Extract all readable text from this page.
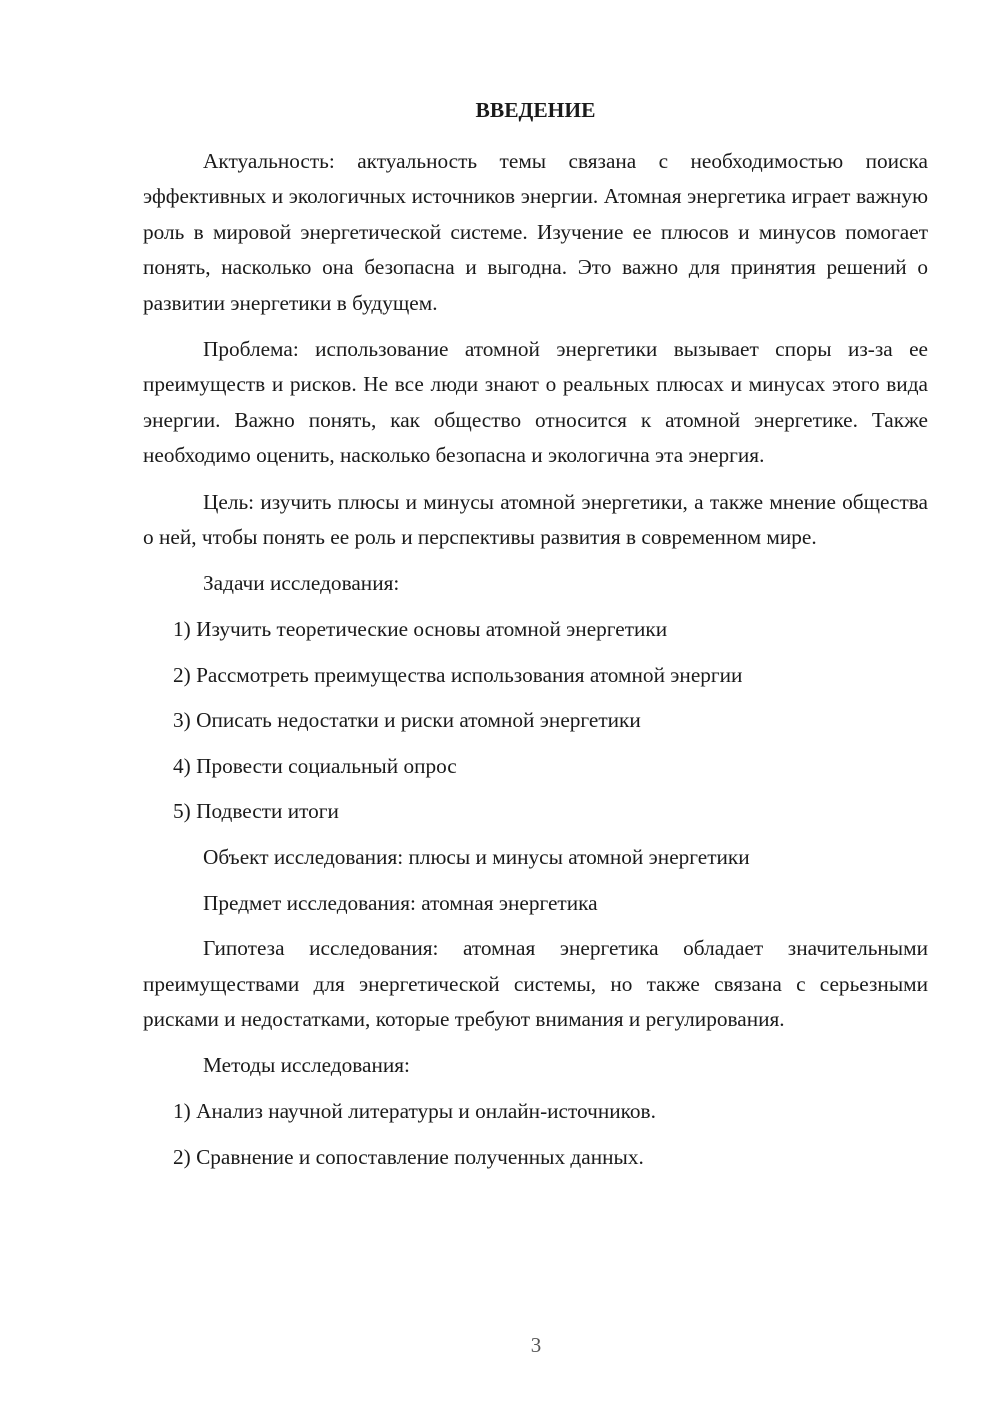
ВВЕДЕНИЕ

Актуальность: актуальность темы связана с необходимостью поиска эффективных и экологичных источников энергии. Атомная энергетика играет важную роль в мировой энергетической системе. Изучение ее плюсов и минусов помогает понять, насколько она безопасна и выгодна. Это важно для принятия решений о развитии энергетики в будущем.

Проблема: использование атомной энергетики вызывает споры из-за ее преимуществ и рисков. Не все люди знают о реальных плюсах и минусах этого вида энергии. Важно понять, как общество относится к атомной энергетике. Также необходимо оценить, насколько безопасна и экологична эта энергия.

Цель: изучить плюсы и минусы атомной энергетики, а также мнение общества о ней, чтобы понять ее роль и перспективы развития в современном мире.

Задачи исследования:

1) Изучить теоретические основы атомной энергетики

2) Рассмотреть преимущества использования атомной энергии

3) Описать недостатки и риски атомной энергетики

4) Провести социальный опрос

5) Подвести итоги

Объект исследования: плюсы и минусы атомной энергетики

Предмет исследования: атомная энергетика

Гипотеза исследования: атомная энергетика обладает значительными преимуществами для энергетической системы, но также связана с серьезными рисками и недостатками, которые требуют внимания и регулирования.

Методы исследования:

1) Анализ научной литературы и онлайн-источников.

2) Сравнение и сопоставление полученных данных.

3
